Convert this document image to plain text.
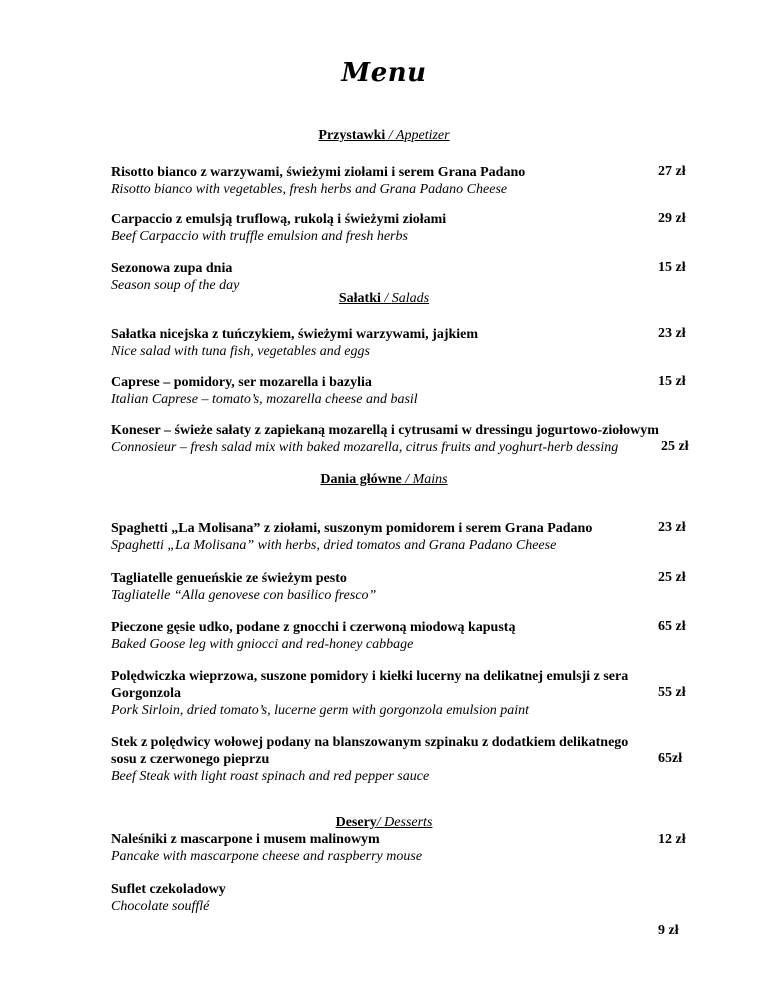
Menu
Przystawki / Appetizer
Risotto bianco z warzywami, świeżymi ziołami i serem Grana Padano
Risotto bianco with vegetables, fresh herbs and Grana Padano Cheese
27 zł
Carpaccio z emulsją truflową, rukolą i świeżymi ziołami
Beef Carpaccio with truffle emulsion and fresh herbs
29 zł
Sezonowa zupa dnia
Season soup of the day
15 zł
Sałatki / Salads
Sałatka nicejska z tuńczykiem, świeżymi warzywami, jajkiem
Nice salad with tuna fish, vegetables and eggs
23 zł
Caprese – pomidory, ser mozarella i bazylia
Italian Caprese – tomato’s, mozarella cheese and basil
15 zł
Koneser – świeże sałaty z zapiekaną mozarellą i cytrusami w dressingu jogurtowo-ziołowym
Connosieur – fresh salad mix with baked mozarella, citrus fruits and yoghurt-herb dessing	25 zł
Dania główne / Mains
Spaghetti „La Molisana” z ziołami, suszonym pomidorem i serem Grana Padano
Spaghetti „La Molisana” with herbs, dried tomatos and Grana Padano Cheese
23 zł
Tagliatelle genueńskie ze świeżym pesto
Tagliatelle “Alla genovese con basilico fresco”
25 zł
Pieczone gęsie udko, podane z gnocchi i czerwoną miodową kapustą
Baked Goose leg with gniocci and red-honey cabbage
65 zł
Polędwiczka wieprzowa, suszone pomidory i kiełki lucerny na delikatnej emulsji z sera Gorgonzola
Pork Sirloin, dried tomato’s, lucerne germ with gorgonzola emulsion paint
55 zł
Stek z polędwicy wołowej podany na blanszowanym szpinaku z dodatkiem delikatnego sosu z czerwonego pieprzu
Beef Steak with light roast spinach and red pepper sauce
65zł
Desery/ Desserts
Naleśniki z mascarpone i musem malinowym
Pancake with mascarpone cheese and raspberry mouse
12 zł
Suflet czekoladowy
Chocolate soufflé
9 zł
